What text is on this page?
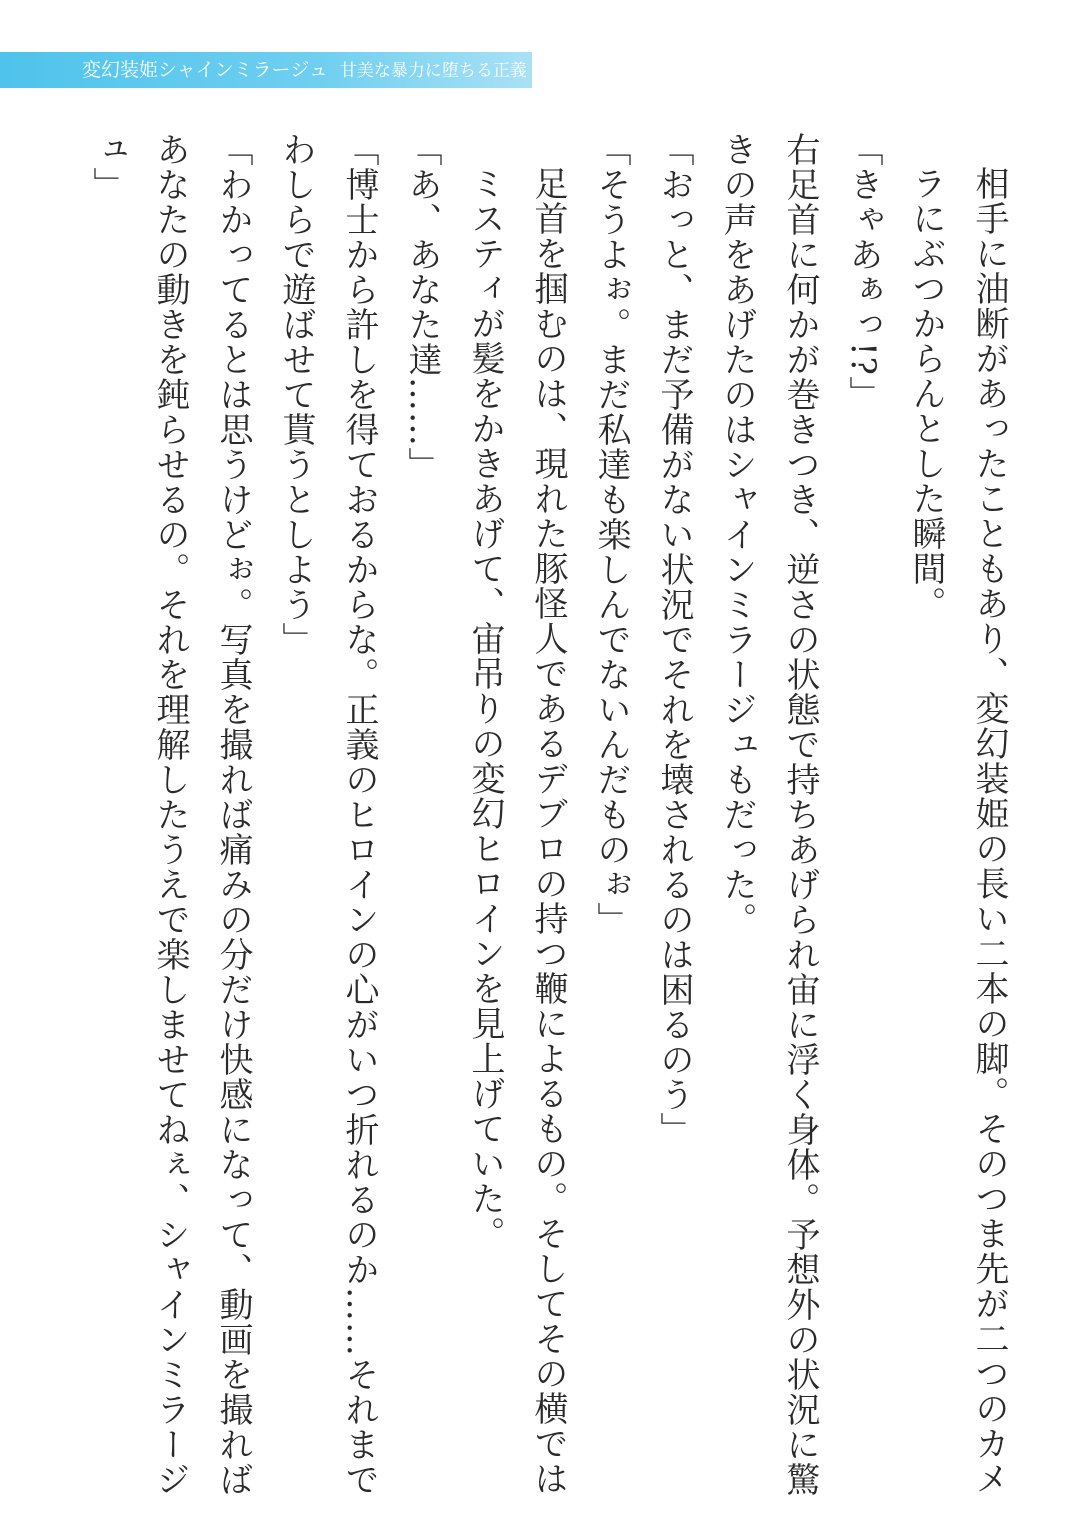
変幻装姫シャインミラージュ 甘美な暴力に堕ちる正義

相手に油断があったこともあり、変幻装姫の長い二本の脚。そのつま先が二つのカメラにぶつからんとした瞬間。

「きゃあぁっ!?」

右足首に何かが巻きつき、逆さの状態で持ちあげられ宙に浮く身体。予想外の状況に驚きの声をあげたのはシャインミラージュもだった。

「おっと、まだ予備がない状況でそれを壊されるのは困るのう」

「そうよぉ。まだ私達も楽しんでないんだものぉ」

足首を掴むのは、現れた豚怪人であるデブロの持つ鞭によるもの。そしてその横ではミスティが髪をかきあげて、宙吊りの変幻ヒロインを見上げていた。

「あ、あなた達……」

「博士から許しを得ておるからな。正義のヒロインの心がいつ折れるのか……それまでわしらで遊ばせて貰うとしよう」

「わかってるとは思うけどぉ。写真を撮れば痛みの分だけ快感になって、動画を撮ればあなたの動きを鈍らせるの。それを理解したうえで楽しませてねぇ、シャインミラージュ」
